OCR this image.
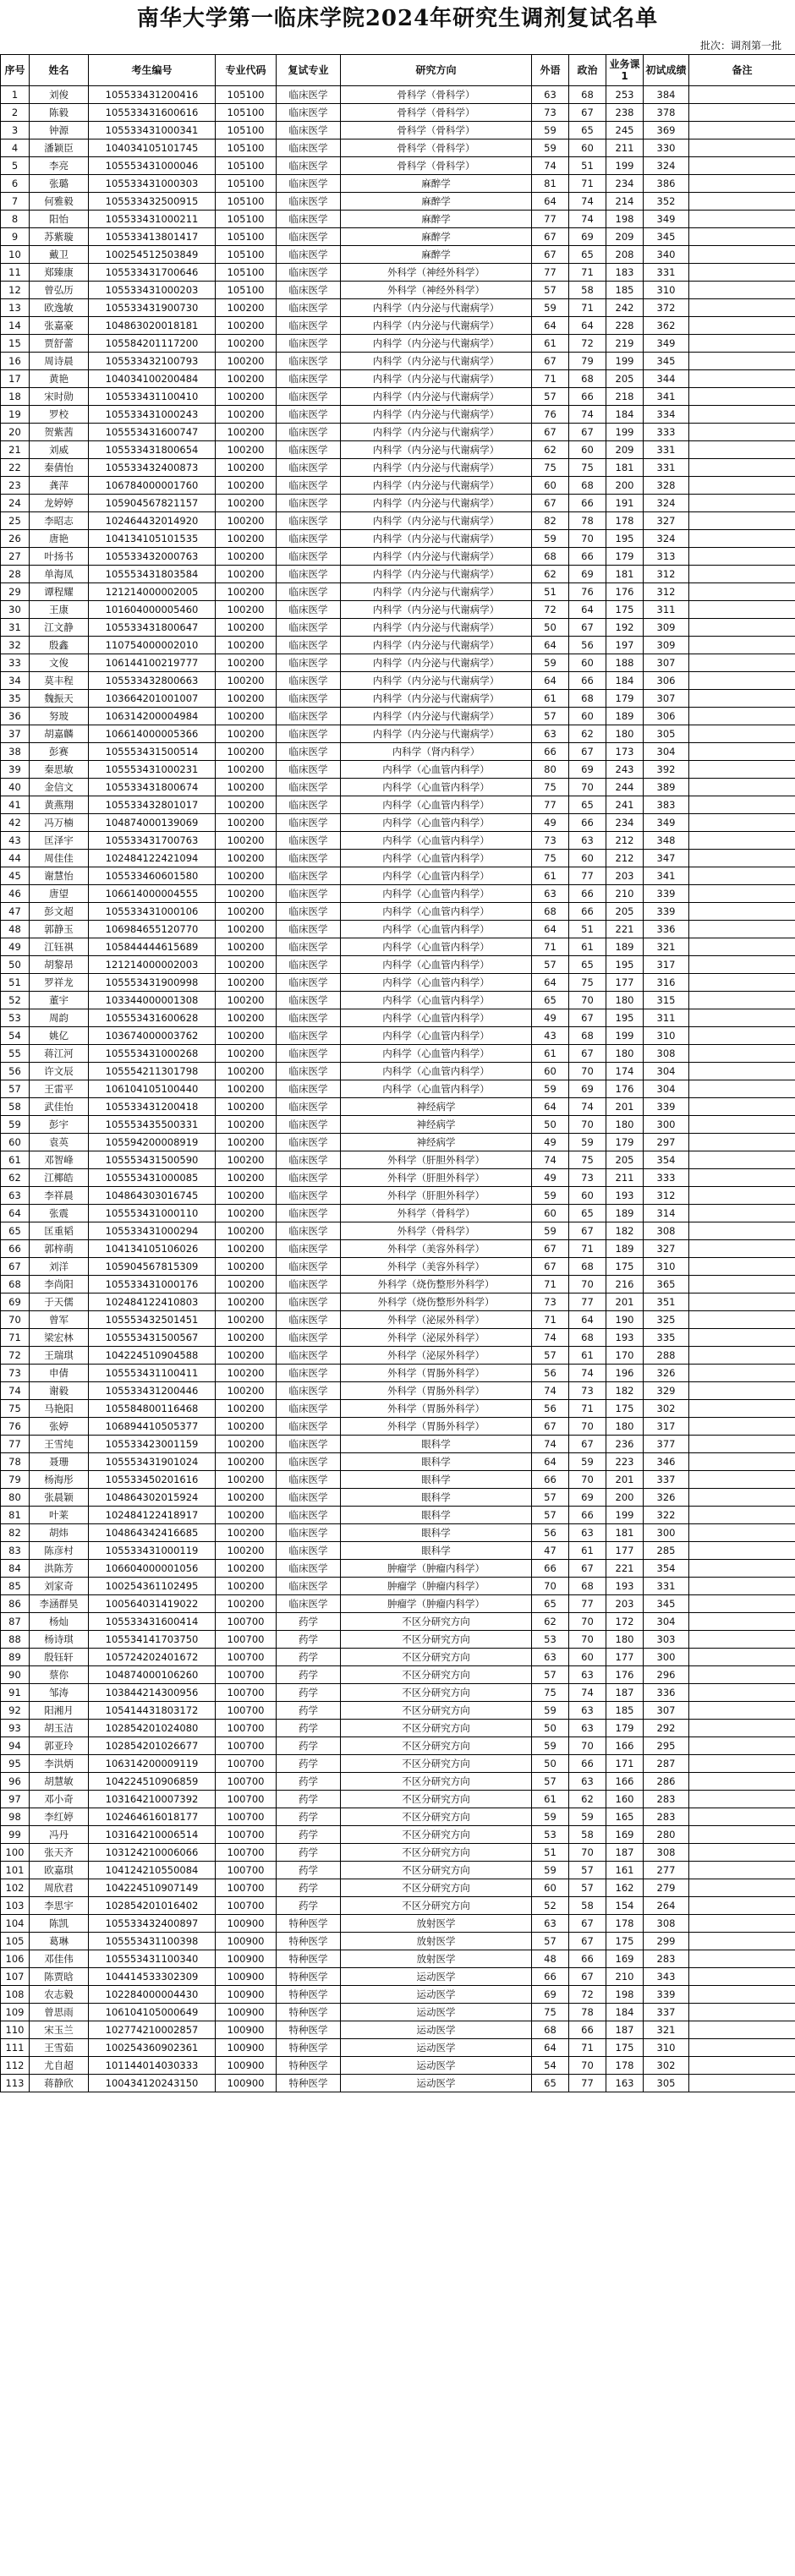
南华大学第一临床学院2024年研究生调剂复试名单
批次：调剂第一批
序号	姓名	考生编号	专业代码	复试专业	研究方向	外语	政治	业务课1	初试成绩	备注
1	刘俊	105533431200416	105100	临床医学	骨科学（骨科学）	63	68	253	384	
2	陈毅	105533431600616	105100	临床医学	骨科学（骨科学）	73	67	238	378	
3	钟源	105533431000341	105100	临床医学	骨科学（骨科学）	59	65	245	369	
4	潘颖臣	104034105101745	105100	临床医学	骨科学（骨科学）	59	60	211	330	
5	李亮	105553431000046	105100	临床医学	骨科学（骨科学）	74	51	199	324	
6	张璐	105533431000303	105100	临床医学	麻醉学	81	71	234	386	
7	何雅毅	105533432500915	105100	临床医学	麻醉学	64	74	214	352	
8	阳怡	105533431000211	105100	临床医学	麻醉学	77	74	198	349	
9	苏紫璇	105533413801417	105100	临床医学	麻醉学	67	69	209	345	
10	戴卫	100254512503849	105100	临床医学	麻醉学	67	65	208	340	
11	郑臻康	105533431700646	105100	临床医学	外科学（神经外科学）	77	71	183	331	
12	曾弘历	105533431000203	105100	临床医学	外科学（神经外科学）	57	58	185	310	
13	欧逸敏	105533431900730	100200	临床医学	内科学（内分泌与代谢病学）	59	71	242	372	
14	张嘉豪	104863020018181	100200	临床医学	内科学（内分泌与代谢病学）	64	64	228	362	
15	贾舒蕾	105584201117200	100200	临床医学	内科学（内分泌与代谢病学）	61	72	219	349	
16	周诗晨	105533432100793	100200	临床医学	内科学（内分泌与代谢病学）	67	79	199	345	
17	黄艳	104034100200484	100200	临床医学	内科学（内分泌与代谢病学）	71	68	205	344	
18	宋时勋	105533431100410	100200	临床医学	内科学（内分泌与代谢病学）	57	66	218	341	
19	罗校	105533431000243	100200	临床医学	内科学（内分泌与代谢病学）	76	74	184	334	
20	贺紫茜	105553431600747	100200	临床医学	内科学（内分泌与代谢病学）	67	67	199	333	
21	刘威	105533431800654	100200	临床医学	内科学（内分泌与代谢病学）	62	60	209	331	
22	秦倩怡	105533432400873	100200	临床医学	内科学（内分泌与代谢病学）	75	75	181	331	
23	龚萍	106784000001760	100200	临床医学	内科学（内分泌与代谢病学）	60	68	200	328	
24	龙婷婷	105904567821157	100200	临床医学	内科学（内分泌与代谢病学）	67	66	191	324	
25	李昭志	102464432014920	100200	临床医学	内科学（内分泌与代谢病学）	82	78	178	327	
26	唐艳	104134105101535	100200	临床医学	内科学（内分泌与代谢病学）	59	70	195	324	
27	叶扬书	105533432000763	100200	临床医学	内科学（内分泌与代谢病学）	68	66	179	313	
28	单海凤	105553431803584	100200	临床医学	内科学（内分泌与代谢病学）	62	69	181	312	
29	谭程耀	121214000002005	100200	临床医学	内科学（内分泌与代谢病学）	51	76	176	312	
30	王康	101604000005460	100200	临床医学	内科学（内分泌与代谢病学）	72	64	175	311	
31	江文静	105533431800647	100200	临床医学	内科学（内分泌与代谢病学）	50	67	192	309	
32	殷鑫	110754000002010	100200	临床医学	内科学（内分泌与代谢病学）	64	56	197	309	
33	文俊	106144100219777	100200	临床医学	内科学（内分泌与代谢病学）	59	60	188	307	
34	莫丰程	105533432800663	100200	临床医学	内科学（内分泌与代谢病学）	64	66	184	306	
35	魏振天	103664201001007	100200	临床医学	内科学（内分泌与代谢病学）	61	68	179	307	
36	努玻	106314200004984	100200	临床医学	内科学（内分泌与代谢病学）	57	60	189	306	
37	胡嘉麟	106614000005366	100200	临床医学	内科学（内分泌与代谢病学）	63	62	180	305	
38	彭赛	105553431500514	100200	临床医学	内科学（肾内科学）	66	67	173	304	
39	秦思敏	105553431000231	100200	临床医学	内科学（心血管内科学）	80	69	243	392	
40	金信文	105533431800674	100200	临床医学	内科学（心血管内科学）	75	70	244	389	
41	黄燕翔	105533432801017	100200	临床医学	内科学（心血管内科学）	77	65	241	383	
42	冯万楠	104874000139069	100200	临床医学	内科学（心血管内科学）	49	66	234	349	
43	匡泽宇	105533431700763	100200	临床医学	内科学（心血管内科学）	73	63	212	348	
44	周佳佳	102484122421094	100200	临床医学	内科学（心血管内科学）	75	60	212	347	
45	谢慧怡	105533460601580	100200	临床医学	内科学（心血管内科学）	61	77	203	341	
46	唐望	106614000004555	100200	临床医学	内科学（心血管内科学）	63	66	210	339	
47	彭文超	105533431000106	100200	临床医学	内科学（心血管内科学）	68	66	205	339	
48	郭静玉	106984655120770	100200	临床医学	内科学（心血管内科学）	64	51	221	336	
49	江钰祺	105844444615689	100200	临床医学	内科学（心血管内科学）	71	61	189	321	
50	胡黎昂	121214000002003	100200	临床医学	内科学（心血管内科学）	57	65	195	317	
51	罗祥龙	105553431900998	100200	临床医学	内科学（心血管内科学）	64	75	177	316	
52	董宇	103344000001308	100200	临床医学	内科学（心血管内科学）	65	70	180	315	
53	周韵	105553431600628	100200	临床医学	内科学（心血管内科学）	49	67	195	311	
54	姚亿	103674000003762	100200	临床医学	内科学（心血管内科学）	43	68	199	310	
55	蒋江河	105553431000268	100200	临床医学	内科学（心血管内科学）	61	67	180	308	
56	许文辰	105554211301798	100200	临床医学	内科学（心血管内科学）	60	70	174	304	
57	王雷平	106104105100440	100200	临床医学	内科学（心血管内科学）	59	69	176	304	
58	武佳怡	105533431200418	100200	临床医学	神经病学	64	74	201	339	
59	彭宇	105553435500331	100200	临床医学	神经病学	50	70	180	300	
60	袁英	105594200008919	100200	临床医学	神经病学	49	59	179	297	
61	邓智峰	105553431500590	100200	临床医学	外科学（肝胆外科学）	74	75	205	354	
62	江椰皓	105553431000085	100200	临床医学	外科学（肝胆外科学）	49	73	211	333	
63	李祥晨	104864303016745	100200	临床医学	外科学（肝胆外科学）	59	60	193	312	
64	张震	105553431000110	100200	临床医学	外科学（骨科学）	60	65	189	314	
65	匡重韬	105533431000294	100200	临床医学	外科学（骨科学）	59	67	182	308	
66	郭梓萌	104134105106026	100200	临床医学	外科学（美容外科学）	67	71	189	327	
67	刘洋	105904567815309	100200	临床医学	外科学（美容外科学）	67	68	175	310	
68	李尚阳	105533431000176	100200	临床医学	外科学（烧伤整形外科学）	71	70	216	365	
69	于天儒	102484122410803	100200	临床医学	外科学（烧伤整形外科学）	73	77	201	351	
70	曾军	105553432501451	100200	临床医学	外科学（泌尿外科学）	71	64	190	325	
71	梁宏林	105553431500567	100200	临床医学	外科学（泌尿外科学）	74	68	193	335	
72	王瑞琪	104224510904588	100200	临床医学	外科学（泌尿外科学）	57	61	170	288	
73	申倩	105553431100411	100200	临床医学	外科学（胃肠外科学）	56	74	196	326	
74	谢毅	105533431200446	100200	临床医学	外科学（胃肠外科学）	74	73	182	329	
75	马艳阳	105584800116468	100200	临床医学	外科学（胃肠外科学）	56	71	175	302	
76	张婷	106894410505377	100200	临床医学	外科学（胃肠外科学）	67	70	180	317	
77	王雪纯	105533423001159	100200	临床医学	眼科学	74	67	236	377	
78	聂珊	105553431901024	100200	临床医学	眼科学	64	59	223	346	
79	杨海彤	105533450201616	100200	临床医学	眼科学	66	70	201	337	
80	张晨颖	104864302015924	100200	临床医学	眼科学	57	69	200	326	
81	叶莱	102484122418917	100200	临床医学	眼科学	57	66	199	322	
82	胡炜	104864342416685	100200	临床医学	眼科学	56	63	181	300	
83	陈彦村	105533431000119	100200	临床医学	眼科学	47	61	177	285	
84	洪陈芳	106604000001056	100200	临床医学	肿瘤学（肿瘤内科学）	66	67	221	354	
85	刘家奇	100254361102495	100200	临床医学	肿瘤学（肿瘤内科学）	70	68	193	331	
86	李涵群昊	100564031419022	100200	临床医学	肿瘤学（肿瘤内科学）	65	77	203	345	
87	杨灿	105533431600414	100700	药学	不区分研究方向	62	70	172	304	
88	杨诗琪	105534141703750	100700	药学	不区分研究方向	53	70	180	303	
89	殷钰轩	105724202401672	100700	药学	不区分研究方向	63	60	177	300	
90	蔡你	104874000106260	100700	药学	不区分研究方向	57	63	176	296	
91	邹涛	103844214300956	100700	药学	不区分研究方向	75	74	187	336	
92	阳湘月	105414431803172	100700	药学	不区分研究方向	59	63	185	307	
93	胡玉洁	102854201024080	100700	药学	不区分研究方向	50	63	179	292	
94	郭亚玲	102854201026677	100700	药学	不区分研究方向	59	70	166	295	
95	李洪炳	106314200009119	100700	药学	不区分研究方向	50	66	171	287	
96	胡慧敏	104224510906859	100700	药学	不区分研究方向	57	63	166	286	
97	邓小奇	103164210007392	100700	药学	不区分研究方向	61	62	160	283	
98	李红婷	102464616018177	100700	药学	不区分研究方向	59	59	165	283	
99	冯丹	103164210006514	100700	药学	不区分研究方向	53	58	169	280	
100	张天齐	103124210006066	100700	药学	不区分研究方向	51	70	187	308	
101	欧嘉琪	104124210550084	100700	药学	不区分研究方向	59	57	161	277	
102	周欣君	104224510907149	100700	药学	不区分研究方向	60	57	162	279	
103	李思宇	102854201016402	100700	药学	不区分研究方向	52	58	154	264	
104	陈凯	105533432400897	100900	特种医学	放射医学	63	67	178	308	
105	葛琳	105553431100398	100900	特种医学	放射医学	57	67	175	299	
106	邓佳伟	105553431100340	100900	特种医学	放射医学	48	66	169	283	
107	陈贾晗	104414533302309	100900	特种医学	运动医学	66	67	210	343	
108	农志毅	102284000004430	100900	特种医学	运动医学	69	72	198	339	
109	曾思雨	106104105000649	100900	特种医学	运动医学	75	78	184	337	
110	宋玉兰	102774210002857	100900	特种医学	运动医学	68	66	187	321	
111	王雪茹	100254360902361	100900	特种医学	运动医学	64	71	175	310	
112	尤自超	101144014030333	100900	特种医学	运动医学	54	70	178	302	
113	蒋静欣	100434120243150	100900	特种医学	运动医学	65	77	163	305	
